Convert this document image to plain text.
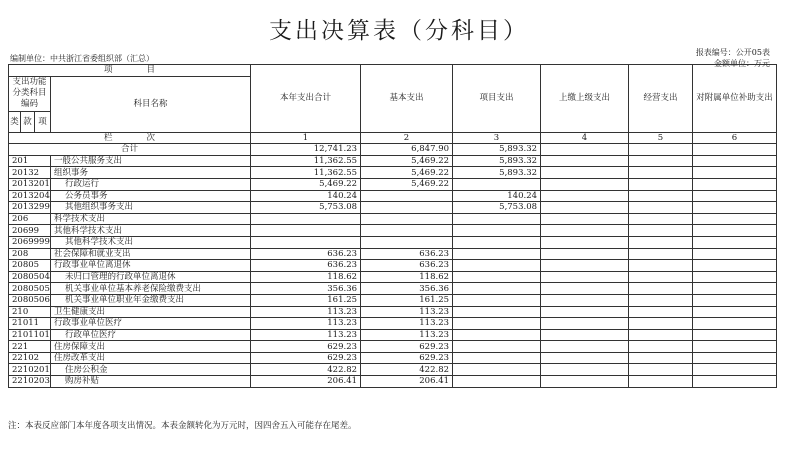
支出决算表（分科目）
编制单位：中共浙江省委组织部（汇总）
报表编号：公开05表
金额单位：万元
项　　　　目				本年支出合计	基本支出	项目支出	上缴上级支出	经营支出	对附属单位补助支出
支出功能分类科目编码			科目名称						
类	款	项							
栏　　　　次				1	2	3	4	5	6
合计				12,741.23	6,847.90	5,893.32			
201			一般公共服务支出	11,362.55	5,469.22	5,893.32			
20132			组织事务	11,362.55	5,469.22	5,893.32			
2013201			行政运行	5,469.22	5,469.22				
2013204			公务员事务	140.24		140.24			
2013299			其他组织事务支出	5,753.08		5,753.08			
206			科学技术支出						
20699			其他科学技术支出						
2069999			其他科学技术支出						
208			社会保障和就业支出	636.23	636.23				
20805			行政事业单位离退休	636.23	636.23				
2080504			未归口管理的行政单位离退休	118.62	118.62				
2080505			机关事业单位基本养老保险缴费支出	356.36	356.36				
2080506			机关事业单位职业年金缴费支出	161.25	161.25				
210			卫生健康支出	113.23	113.23				
21011			行政事业单位医疗	113.23	113.23				
2101101			行政单位医疗	113.23	113.23				
221			住房保障支出	629.23	629.23				
22102			住房改革支出	629.23	629.23				
2210201			住房公积金	422.82	422.82				
2210203			购房补贴	206.41	206.41				
注：本表反应部门本年度各项支出情况。本表金额转化为万元时，因四舍五入可能存在尾差。
